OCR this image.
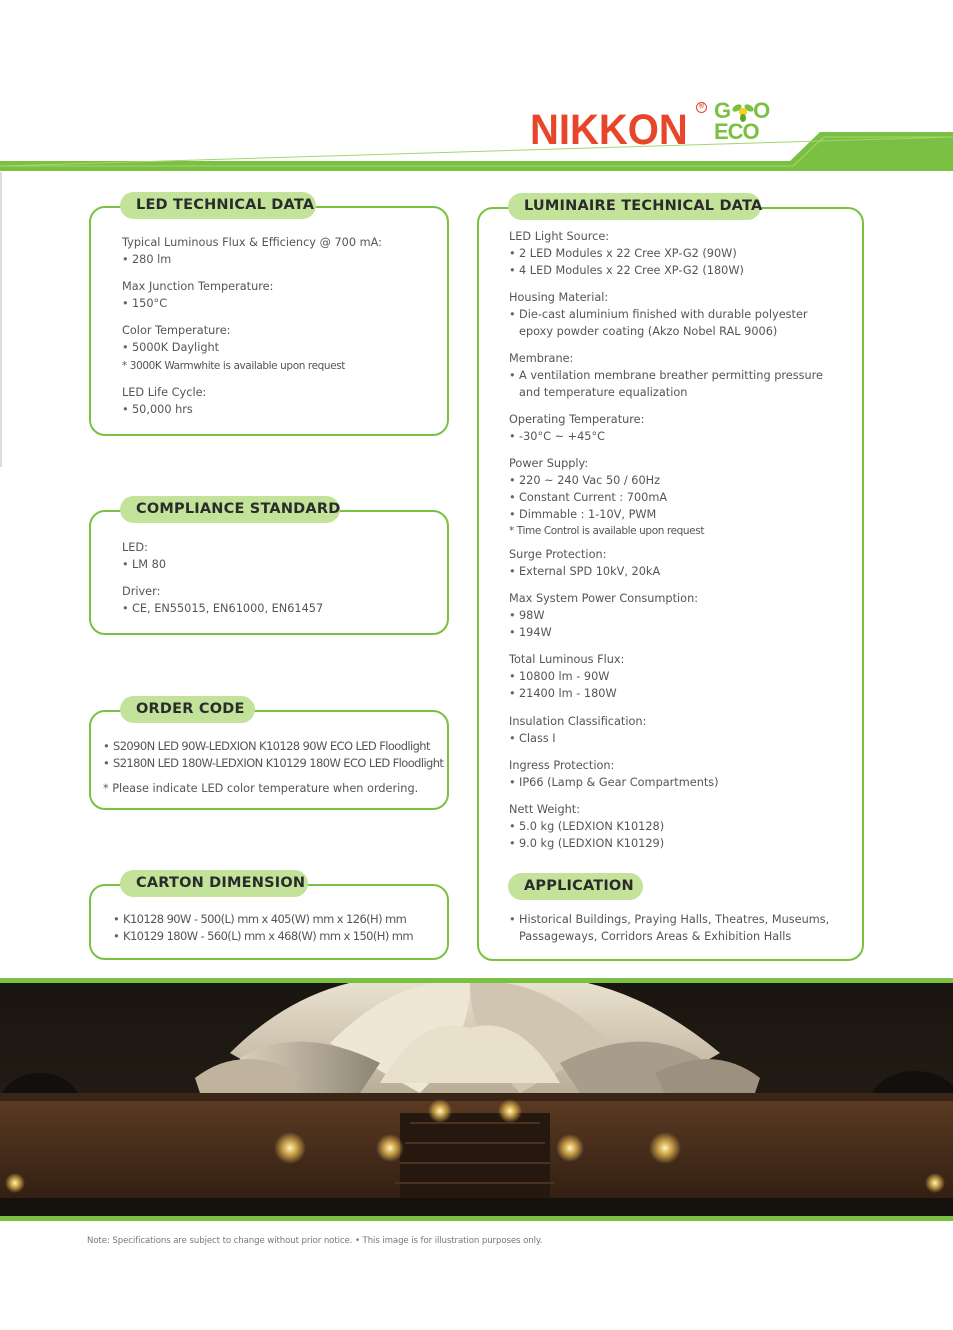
NIKKON	® G O
ECO
LED TECHNICAL DATA
Typical Luminous Flux & Efficiency @ 700 mA:
• 280 lm
Max Junction Temperature:
• 150°C
Color Temperature:
• 5000K Daylight
* 3000K Warmwhite is available upon request
LED Life Cycle:
• 50,000 hrs
COMPLIANCE STANDARD
LED:
• LM 80
Driver:
• CE, EN55015, EN61000, EN61457
ORDER CODE
• S2090N LED 90W-LEDXION K10128 90W ECO LED Floodlight
• S2180N LED 180W-LEDXION K10129 180W ECO LED Floodlight
* Please indicate LED color temperature when ordering.
CARTON DIMENSION
• K10128 90W - 500(L) mm x 405(W) mm x 126(H) mm
• K10129 180W - 560(L) mm x 468(W) mm x 150(H) mm
LUMINAIRE TECHNICAL DATA
LED Light Source:
• 2 LED Modules x 22 Cree XP-G2 (90W)
• 4 LED Modules x 22 Cree XP-G2 (180W)
Housing Material:
• Die-cast aluminium finished with durable polyester
epoxy powder coating (Akzo Nobel RAL 9006)
Membrane:
• A ventilation membrane breather permitting pressure
and temperature equalization
Operating Temperature:
• -30°C ~ +45°C
Power Supply:
• 220 ~ 240 Vac 50 / 60Hz
• Constant Current : 700mA
• Dimmable : 1-10V, PWM
* Time Control is available upon request
Surge Protection:
• External SPD 10kV, 20kA
Max System Power Consumption:
• 98W
• 194W
Total Luminous Flux:
• 10800 lm - 90W
• 21400 lm - 180W
Insulation Classification:
• Class I
Ingress Protection:
• IP66 (Lamp & Gear Compartments)
Nett Weight:
• 5.0 kg (LEDXION K10128)
• 9.0 kg (LEDXION K10129)
APPLICATION
• Historical Buildings, Praying Halls, Theatres, Museums,
Passageways, Corridors Areas & Exhibition Halls
Note: Specifications are subject to change without prior notice. • This image is for illustration purposes only.
